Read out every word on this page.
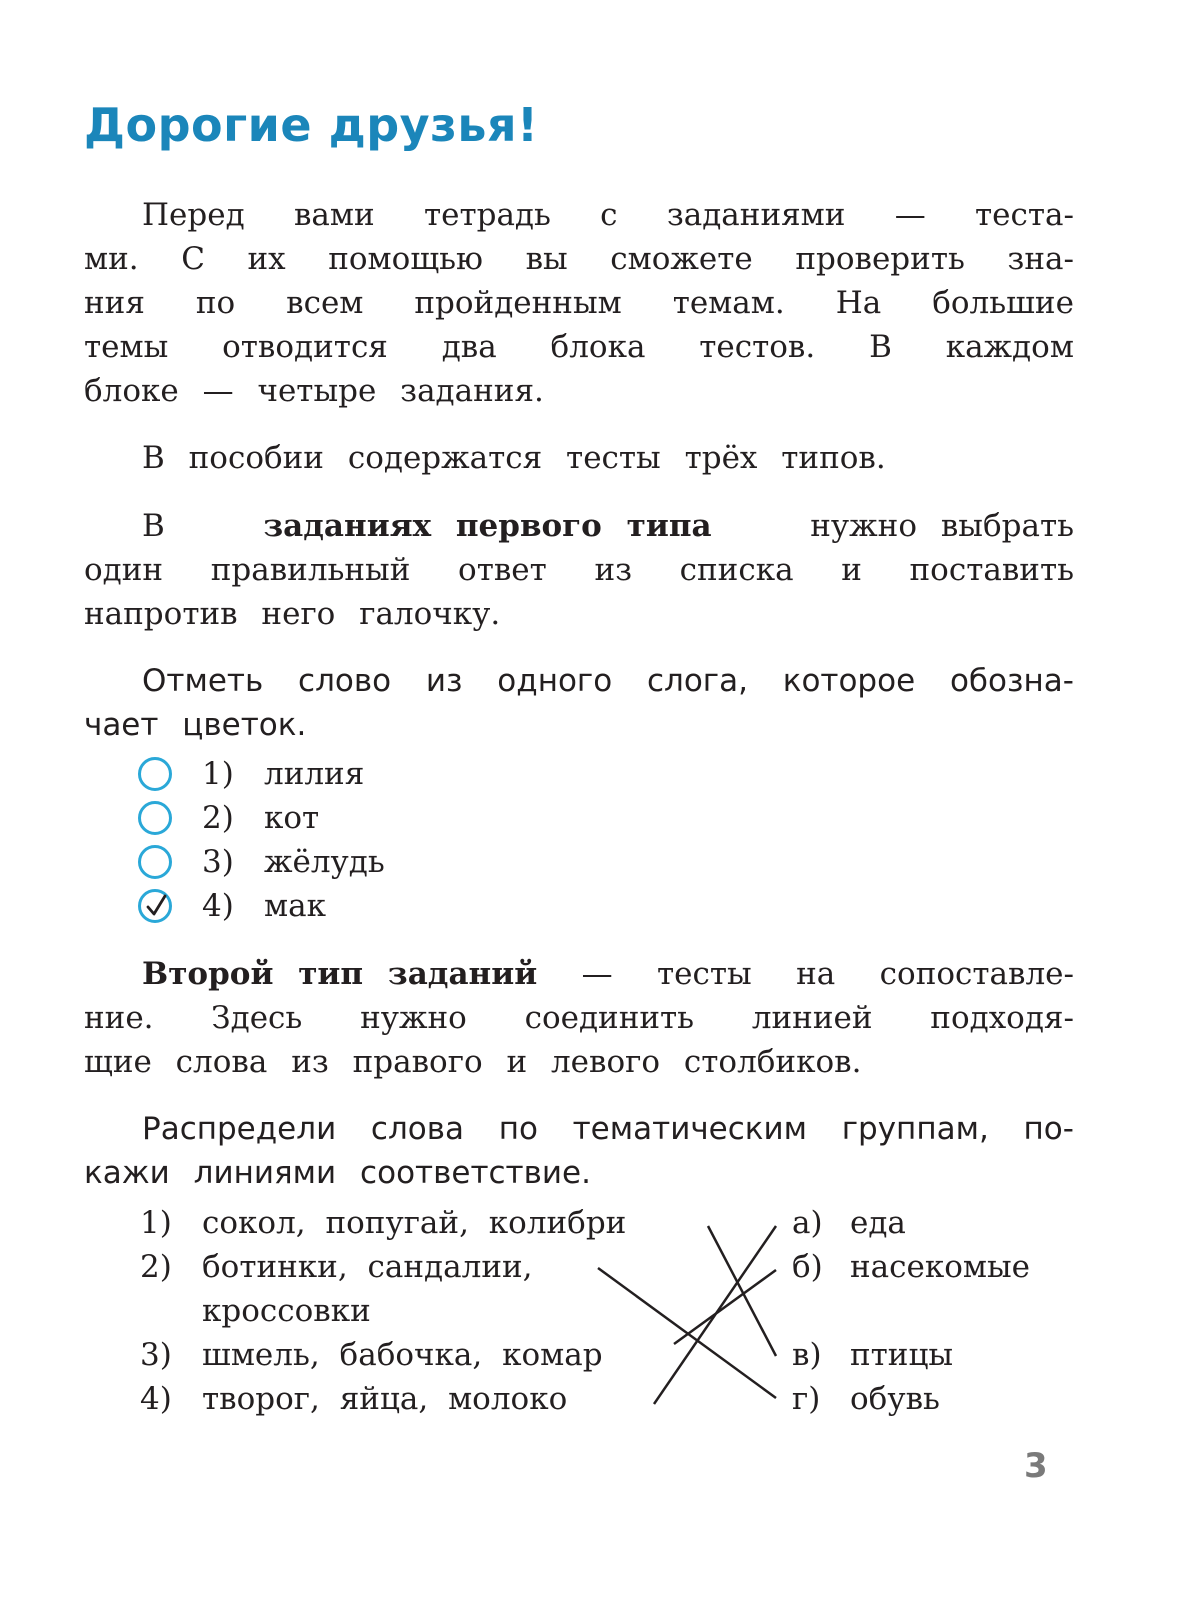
Дорогие друзья!
Перед вами тетрадь с заданиями — теста-
ми. С их помощью вы сможете проверить зна-
ния по всем пройденным темам. На большие
темы отводится два блока тестов. В каждом
блоке — четыре задания.
В пособии содержатся тесты трёх типов.
В	заданиях первого типа	нужно выбрать
один правильный ответ из списка и поставить
напротив него галочку.
Отметь слово из одного слога, которое обозна-
чает цветок.
1) лилия
2) кот
3) жёлудь
4) мак
Второй тип заданий — тесты на сопоставле-
ние. Здесь нужно соединить линией подходя-
щие слова из правого и левого столбиков.
Распредели слова по тематическим группам, по-
кажи линиями соответствие.
1) сокол, попугай, колибри
2) ботинки, сандалии,
кроссовки
3) шмель, бабочка, комар
4) творог, яйца, молоко
а) еда
б) насекомые
в) птицы
г) обувь
3
